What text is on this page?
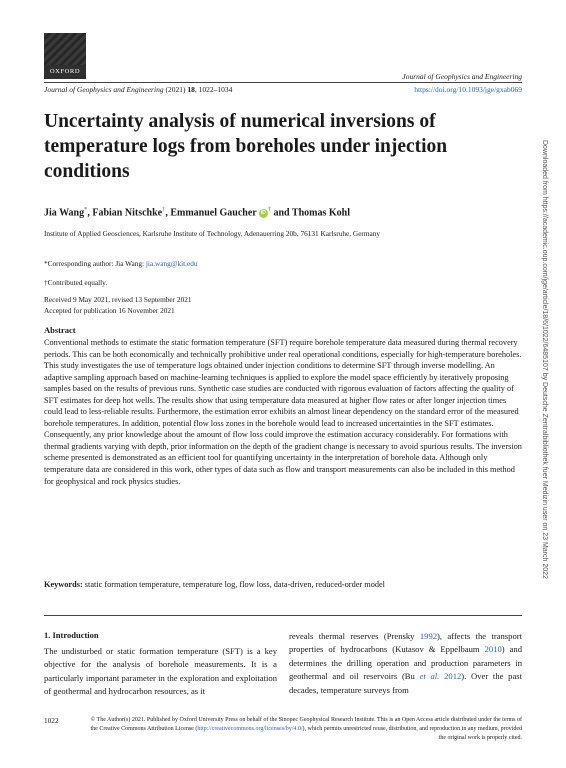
OXFORD
Journal of Geophysics and Engineering
Journal of Geophysics and Engineering (2021) 18, 1022–1034	https://doi.org/10.1093/jge/gxab069
Uncertainty analysis of numerical inversions of temperature logs from boreholes under injection conditions
Jia Wang*, Fabian Nitschke†, Emmanuel Gaucher iD † and Thomas Kohl
Institute of Applied Geosciences, Karlsruhe Institute of Technology, Adenauerring 20b, 76131 Karlsruhe, Germany
*Corresponding author: Jia Wang: jia.wang@kit.edu
†Contributed equally.
Received 9 May 2021, revised 13 September 2021
Accepted for publication 16 November 2021
Abstract

Conventional methods to estimate the static formation temperature (SFT) require borehole temperature data measured during thermal recovery periods. This can be both economically and technically prohibitive under real operational conditions, especially for high-temperature boreholes. This study investigates the use of temperature logs obtained under injection conditions to determine SFT through inverse modelling. An adaptive sampling approach based on machine-learning techniques is applied to explore the model space efficiently by iteratively proposing samples based on the results of previous runs. Synthetic case studies are conducted with rigorous evaluation of factors affecting the quality of SFT estimates for deep hot wells. The results show that using temperature data measured at higher flow rates or after longer injection times could lead to less-reliable results. Furthermore, the estimation error exhibits an almost linear dependency on the standard error of the measured borehole temperatures. In addition, potential flow loss zones in the borehole would lead to increased uncertainties in the SFT estimates. Consequently, any prior knowledge about the amount of flow loss could improve the estimation accuracy considerably. For formations with thermal gradients varying with depth, prior information on the depth of the gradient change is necessary to avoid spurious results. The inversion scheme presented is demonstrated as an efficient tool for quantifying uncertainty in the interpretation of borehole data. Although only temperature data are considered in this work, other types of data such as flow and transport measurements can also be included in this method for geophysical and rock physics studies.

Keywords: static formation temperature, temperature log, flow loss, data-driven, reduced-order model
1. Introduction

The undisturbed or static formation temperature (SFT) is a key objective for the analysis of borehole measurements. It is a particularly important parameter in the exploration and exploitation of geothermal and hydrocarbon resources, as it

reveals thermal reserves (Prensky 1992), affects the transport properties of hydrocarbons (Kutasov & Eppelbaum 2010) and determines the drilling operation and production parameters in geothermal and oil reservoirs (Bu et al. 2012). Over the past decades, temperature surveys from

1022	© The Author(s) 2021. Published by Oxford University Press on behalf of the Sinopec Geophysical Research Institute. This is an Open Access article distributed under the terms of the Creative Commons Attribution License (http://creativecommons.org/licenses/by/4.0/), which permits unrestricted reuse, distribution, and reproduction in any medium, provided the original work is properly cited.
Downloaded from https://academic.oup.com/jge/article/18/6/1022/6485107 by Deutsche Zentralbibliothek fuer Medizin user on 23 March 2022
